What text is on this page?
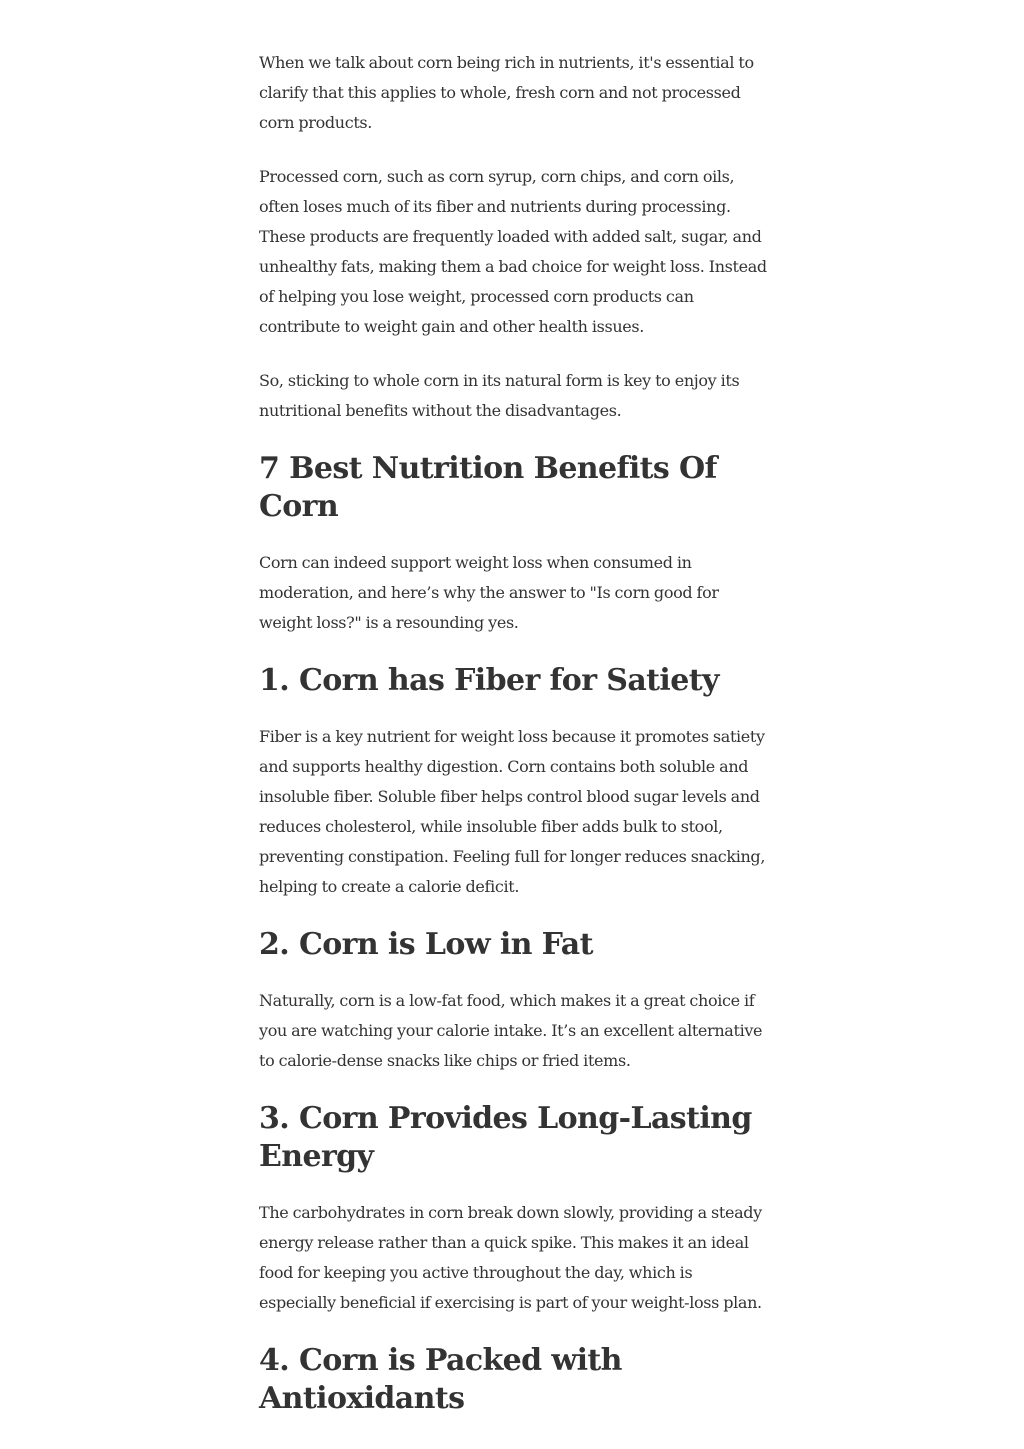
When we talk about corn being rich in nutrients, it's essential to clarify that this applies to whole, fresh corn and not processed corn products.

Processed corn, such as corn syrup, corn chips, and corn oils, often loses much of its fiber and nutrients during processing. These products are frequently loaded with added salt, sugar, and unhealthy fats, making them a bad choice for weight loss. Instead of helping you lose weight, processed corn products can contribute to weight gain and other health issues.

So, sticking to whole corn in its natural form is key to enjoy its nutritional benefits without the disadvantages.

7 Best Nutrition Benefits Of Corn

Corn can indeed support weight loss when consumed in moderation, and here’s why the answer to "Is corn good for weight loss?" is a resounding yes.

1. Corn has Fiber for Satiety

Fiber is a key nutrient for weight loss because it promotes satiety and supports healthy digestion. Corn contains both soluble and insoluble fiber. Soluble fiber helps control blood sugar levels and reduces cholesterol, while insoluble fiber adds bulk to stool, preventing constipation. Feeling full for longer reduces snacking, helping to create a calorie deficit.

2. Corn is Low in Fat

Naturally, corn is a low-fat food, which makes it a great choice if you are watching your calorie intake. It’s an excellent alternative to calorie-dense snacks like chips or fried items.

3. Corn Provides Long-Lasting Energy

The carbohydrates in corn break down slowly, providing a steady energy release rather than a quick spike. This makes it an ideal food for keeping you active throughout the day, which is especially beneficial if exercising is part of your weight-loss plan.

4. Corn is Packed with Antioxidants
